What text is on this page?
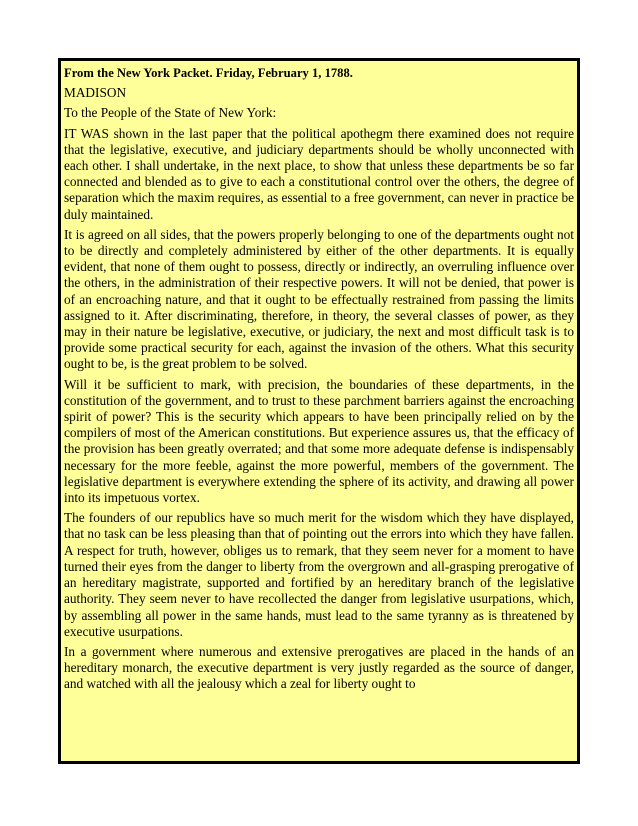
From the New York Packet. Friday, February 1, 1788.

MADISON

To the People of the State of New York:

IT WAS shown in the last paper that the political apothegm there examined does not require that the legislative, executive, and judiciary departments should be wholly unconnected with each other. I shall undertake, in the next place, to show that unless these departments be so far connected and blended as to give to each a constitutional control over the others, the degree of separation which the maxim requires, as essential to a free government, can never in practice be duly maintained.

It is agreed on all sides, that the powers properly belonging to one of the departments ought not to be directly and completely administered by either of the other departments. It is equally evident, that none of them ought to possess, directly or indirectly, an overruling influence over the others, in the administration of their respective powers. It will not be denied, that power is of an encroaching nature, and that it ought to be effectually restrained from passing the limits assigned to it. After discriminating, therefore, in theory, the several classes of power, as they may in their nature be legislative, executive, or judiciary, the next and most difficult task is to provide some practical security for each, against the invasion of the others. What this security ought to be, is the great problem to be solved.

Will it be sufficient to mark, with precision, the boundaries of these departments, in the constitution of the government, and to trust to these parchment barriers against the encroaching spirit of power? This is the security which appears to have been principally relied on by the compilers of most of the American constitutions. But experience assures us, that the efficacy of the provision has been greatly overrated; and that some more adequate defense is indispensably necessary for the more feeble, against the more powerful, members of the government. The legislative department is everywhere extending the sphere of its activity, and drawing all power into its impetuous vortex.

The founders of our republics have so much merit for the wisdom which they have displayed, that no task can be less pleasing than that of pointing out the errors into which they have fallen. A respect for truth, however, obliges us to remark, that they seem never for a moment to have turned their eyes from the danger to liberty from the overgrown and all-grasping prerogative of an hereditary magistrate, supported and fortified by an hereditary branch of the legislative authority. They seem never to have recollected the danger from legislative usurpations, which, by assembling all power in the same hands, must lead to the same tyranny as is threatened by executive usurpations.

In a government where numerous and extensive prerogatives are placed in the hands of an hereditary monarch, the executive department is very justly regarded as the source of danger, and watched with all the jealousy which a zeal for liberty ought to
